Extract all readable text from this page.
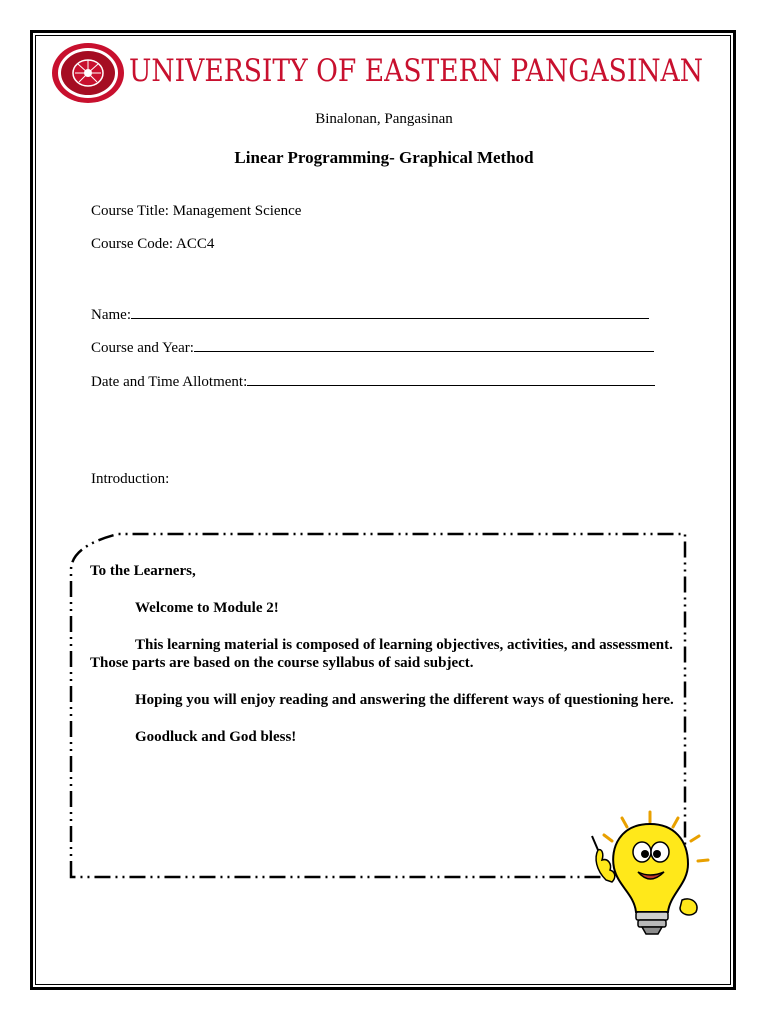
UNIVERSITY OF EASTERN PANGASINAN
Binalonan, Pangasinan
Linear Programming- Graphical Method
Course Title: Management Science
Course Code: ACC4
Name:
Course and Year:
Date and Time Allotment:
Introduction:

To the Learners,

Welcome to Module 2!

This learning material is composed of learning objectives, activities, and assessment. Those parts are based on the course syllabus of said subject.

Hoping you will enjoy reading and answering the different ways of questioning here.

Goodluck and God bless!
